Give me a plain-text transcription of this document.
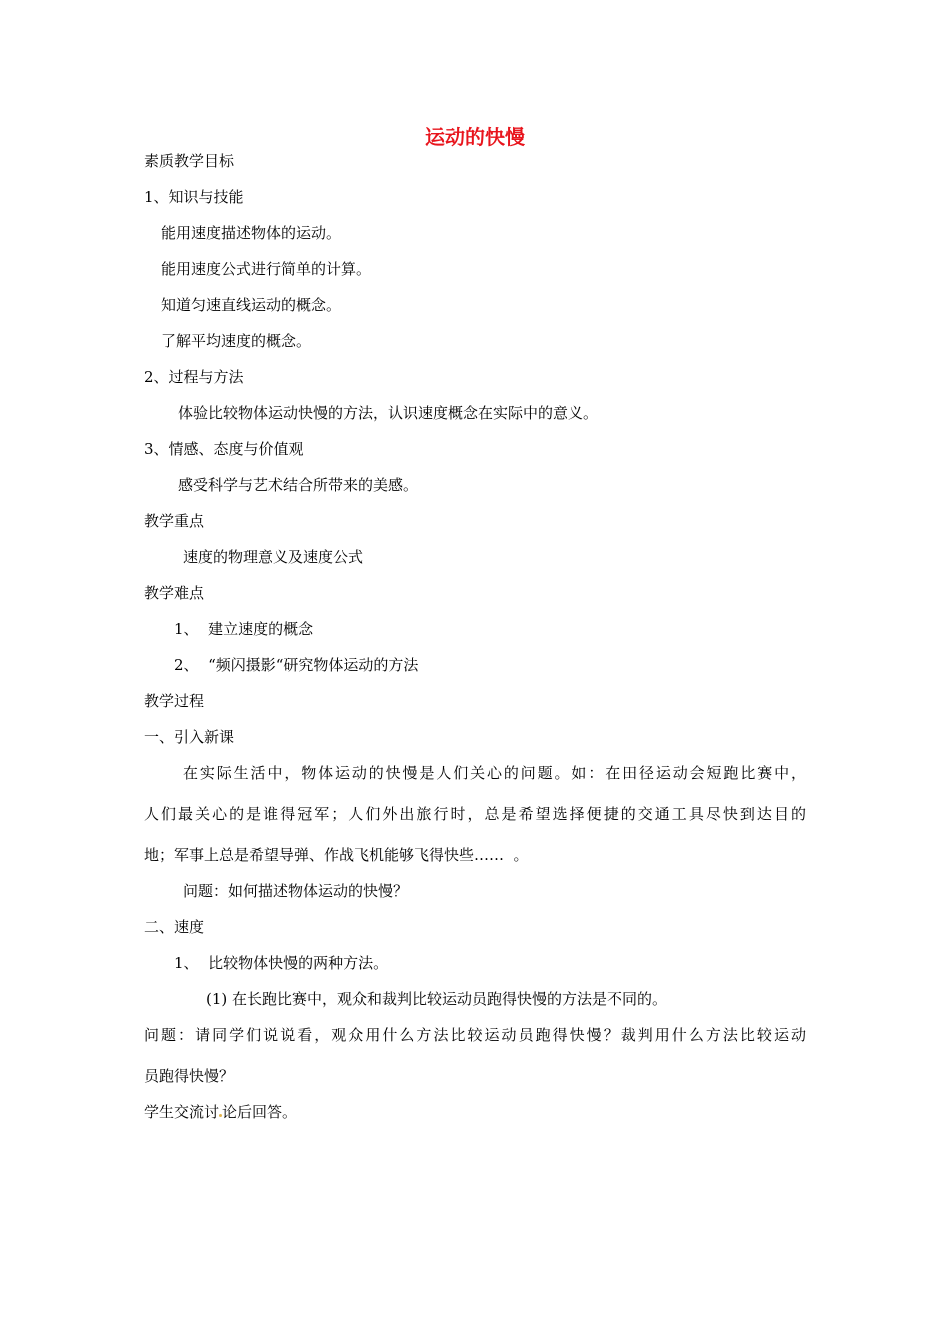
运动的快慢
素质教学目标
1、知识与技能
能用速度描述物体的运动。
能用速度公式进行简单的计算。
知道匀速直线运动的概念。
了解平均速度的概念。
2、过程与方法
体验比较物体运动快慢的方法，认识速度概念在实际中的意义。
3、情感、态度与价值观
感受科学与艺术结合所带来的美感。
教学重点
速度的物理意义及速度公式
教学难点
1、  建立速度的概念
2、  “频闪摄影“研究物体运动的方法
教学过程
一、引入新课
在实际生活中，物体运动的快慢是人们关心的问题。如：在田径运动会短跑比赛中，
人们最关心的是谁得冠军；人们外出旅行时，总是希望选择便捷的交通工具尽快到达目的
地；军事上总是希望导弹、作战飞机能够飞得快些……  。
问题：如何描述物体运动的快慢？
二、速度
1、  比较物体快慢的两种方法。
(1) 在长跑比赛中，观众和裁判比较运动员跑得快慢的方法是不同的。
问题：请同学们说说看，观众用什么方法比较运动员跑得快慢？裁判用什么方法比较运动
员跑得快慢？
学生交流讨 论后回答。
